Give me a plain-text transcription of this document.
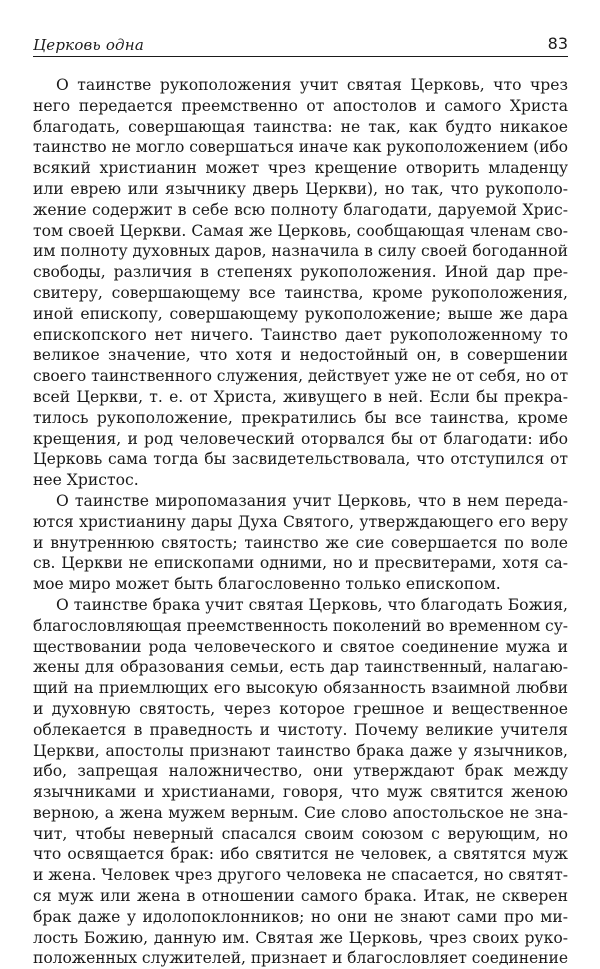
Церковь одна	83
О таинстве рукоположения учит святая Церковь, что чрез
него передается преемственно от апостолов и самого Христа
благодать, совершающая таинства: не так, как будто никакое
таинство не могло совершаться иначе как рукоположением (ибо
всякий христианин может чрез крещение отворить младенцу
или еврею или язычнику дверь Церкви), но так, что рукополо-
жение содержит в себе всю полноту благодати, даруемой Хрис-
том своей Церкви. Самая же Церковь, сообщающая членам сво-
им полноту духовных даров, назначила в силу своей богоданной
свободы, различия в степенях рукоположения. Иной дар пре-
свитеру, совершающему все таинства, кроме рукоположения,
иной епископу, совершающему рукоположение; выше же дара
епископского нет ничего. Таинство дает рукоположенному то
великое значение, что хотя и недостойный он, в совершении
своего таинственного служения, действует уже не от себя, но от
всей Церкви, т. е. от Христа, живущего в ней. Если бы прекра-
тилось рукоположение, прекратились бы все таинства, кроме
крещения, и род человеческий оторвался бы от благодати: ибо
Церковь сама тогда бы засвидетельствовала, что отступился от
нее Христос.
О таинстве миропомазания учит Церковь, что в нем переда-
ются христианину дары Духа Святого, утверждающего его веру
и внутреннюю святость; таинство же сие совершается по воле
св. Церкви не епископами одними, но и пресвитерами, хотя са-
мое миро может быть благословенно только епископом.
О таинстве брака учит святая Церковь, что благодать Божия,
благословляющая преемственность поколений во временном су-
ществовании рода человеческого и святое соединение мужа и
жены для образования семьи, есть дар таинственный, налагаю-
щий на приемлющих его высокую обязанность взаимной любви
и духовную святость, через которое грешное и вещественное
облекается в праведность и чистоту. Почему великие учителя
Церкви, апостолы признают таинство брака даже у язычников,
ибо, запрещая наложничество, они утверждают брак между
язычниками и христианами, говоря, что муж святится женою
верною, а жена мужем верным. Сие слово апостольское не зна-
чит, чтобы неверный спасался своим союзом с верующим, но
что освящается брак: ибо святится не человек, а святятся муж
и жена. Человек чрез другого человека не спасается, но святят-
ся муж или жена в отношении самого брака. Итак, не скверен
брак даже у идолопоклонников; но они не знают сами про ми-
лость Божию, данную им. Святая же Церковь, чрез своих руко-
положенных служителей, признает и благословляет соединение
